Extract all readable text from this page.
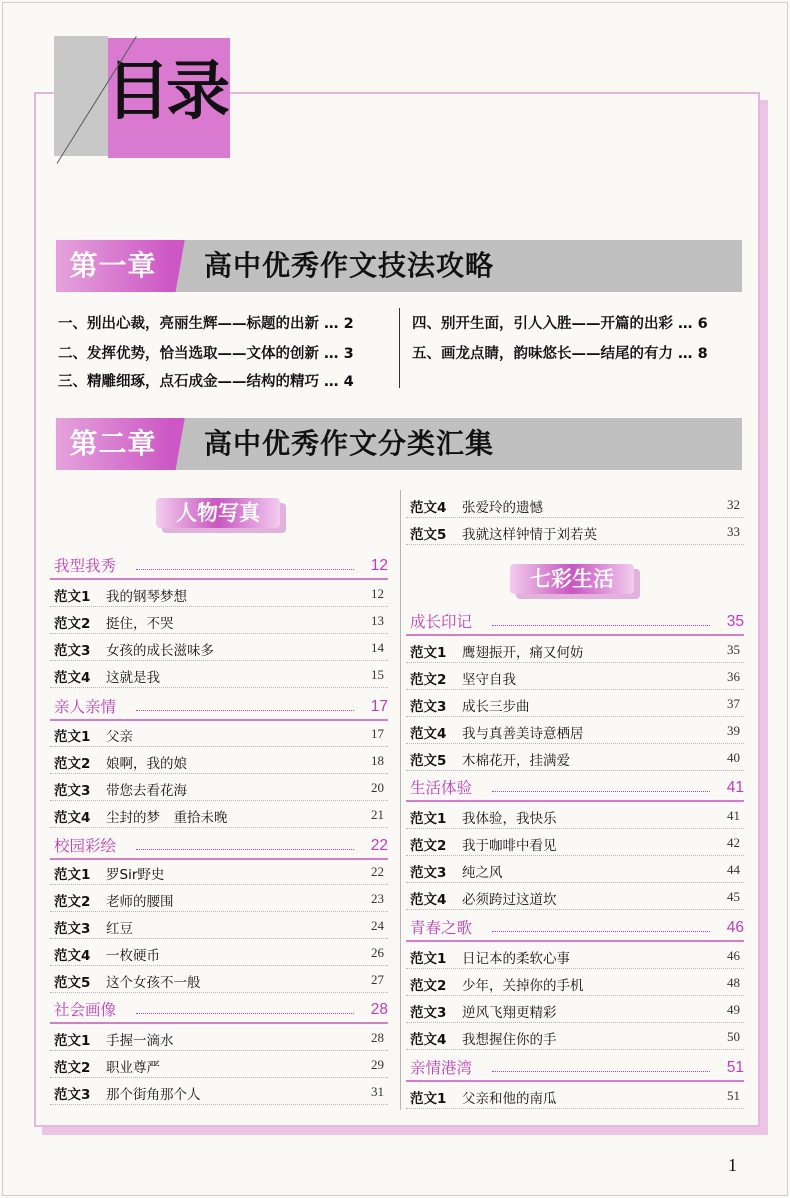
目录
第一章	高中优秀作文技法攻略
一、别出心裁，亮丽生辉——标题的出新 … 2
二、发挥优势，恰当选取——文体的创新 … 3
三、精雕细琢，点石成金——结构的精巧 … 4
四、别开生面，引人入胜——开篇的出彩 … 6
五、画龙点睛，韵味悠长——结尾的有力 … 8
第二章	高中优秀作文分类汇集
人物写真
七彩生活
我型我秀	12
范文1 我的钢琴梦想	12
范文2 挺住，不哭	13
范文3 女孩的成长滋味多	14
范文4 这就是我	15
亲人亲情	17
范文1 父亲	17
范文2 娘啊，我的娘	18
范文3 带您去看花海	20
范文4 尘封的梦　重拾未晚	21
校园彩绘	22
范文1 罗Sir野史	22
范文2 老师的腰围	23
范文3 红豆	24
范文4 一枚硬币	26
范文5 这个女孩不一般	27
社会画像	28
范文1 手握一滴水	28
范文2 职业尊严	29
范文3 那个街角那个人	31
范文4 张爱玲的遗憾	32
范文5 我就这样钟情于刘若英	33
成长印记	35
范文1 鹰翅振开，痛又何妨	35
范文2 坚守自我	36
范文3 成长三步曲	37
范文4 我与真善美诗意栖居	39
范文5 木棉花开，挂满爱	40
生活体验	41
范文1 我体验，我快乐	41
范文2 我于咖啡中看见	42
范文3 纯之风	44
范文4 必须跨过这道坎	45
青春之歌	46
范文1 日记本的柔软心事	46
范文2 少年，关掉你的手机	48
范文3 逆风飞翔更精彩	49
范文4 我想握住你的手	50
亲情港湾	51
范文1 父亲和他的南瓜	51
1
